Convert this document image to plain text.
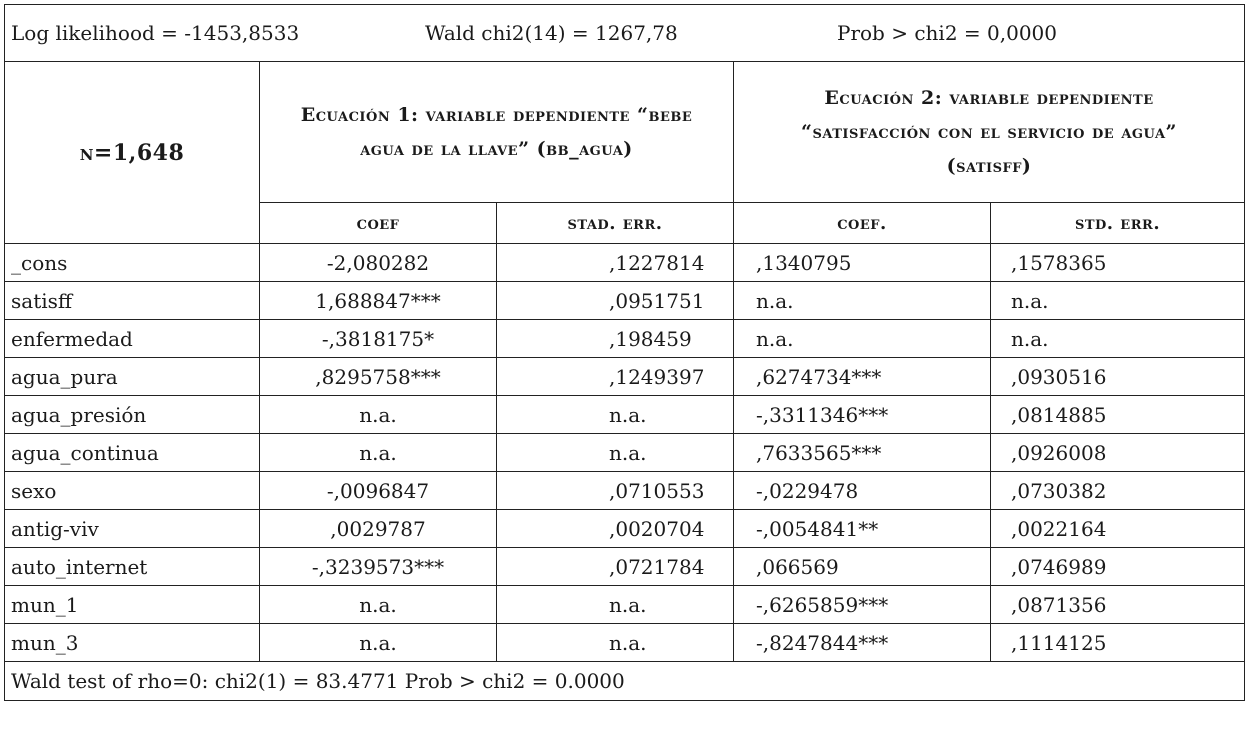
Log likelihood = -1453,8533 Wald chi2(14) = 1267,78 Prob > chi2 = 0,0000				
n=1,648	Ecuación 1: variable dependiente “bebe agua de la llave” (bb_agua)		Ecuación 2: variable dependiente “satisfacción con el servicio de agua” (satisff)	

	coef	stad. err.	coef.	std. err.
_cons	-2,080282	,1227814	,1340795	,1578365
satisff	1,688847***	,0951751	n.a.	n.a.
enfermedad	-,3818175*	,198459	n.a.	n.a.
agua_pura	,8295758***	,1249397	,6274734***	,0930516
agua_presión	n.a.	n.a.	-,3311346***	,0814885
agua_continua	n.a.	n.a.	,7633565***	,0926008
sexo	-,0096847	,0710553	-,0229478	,0730382
antig-viv	,0029787	,0020704	-,0054841**	,0022164
auto_internet	-,3239573***	,0721784	,066569	,0746989
mun_1	n.a.	n.a.	-,6265859***	,0871356
mun_3	n.a.	n.a.	-,8247844***	,1114125
Wald test of rho=0: chi2(1) = 83.4771 Prob > chi2 = 0.0000				
